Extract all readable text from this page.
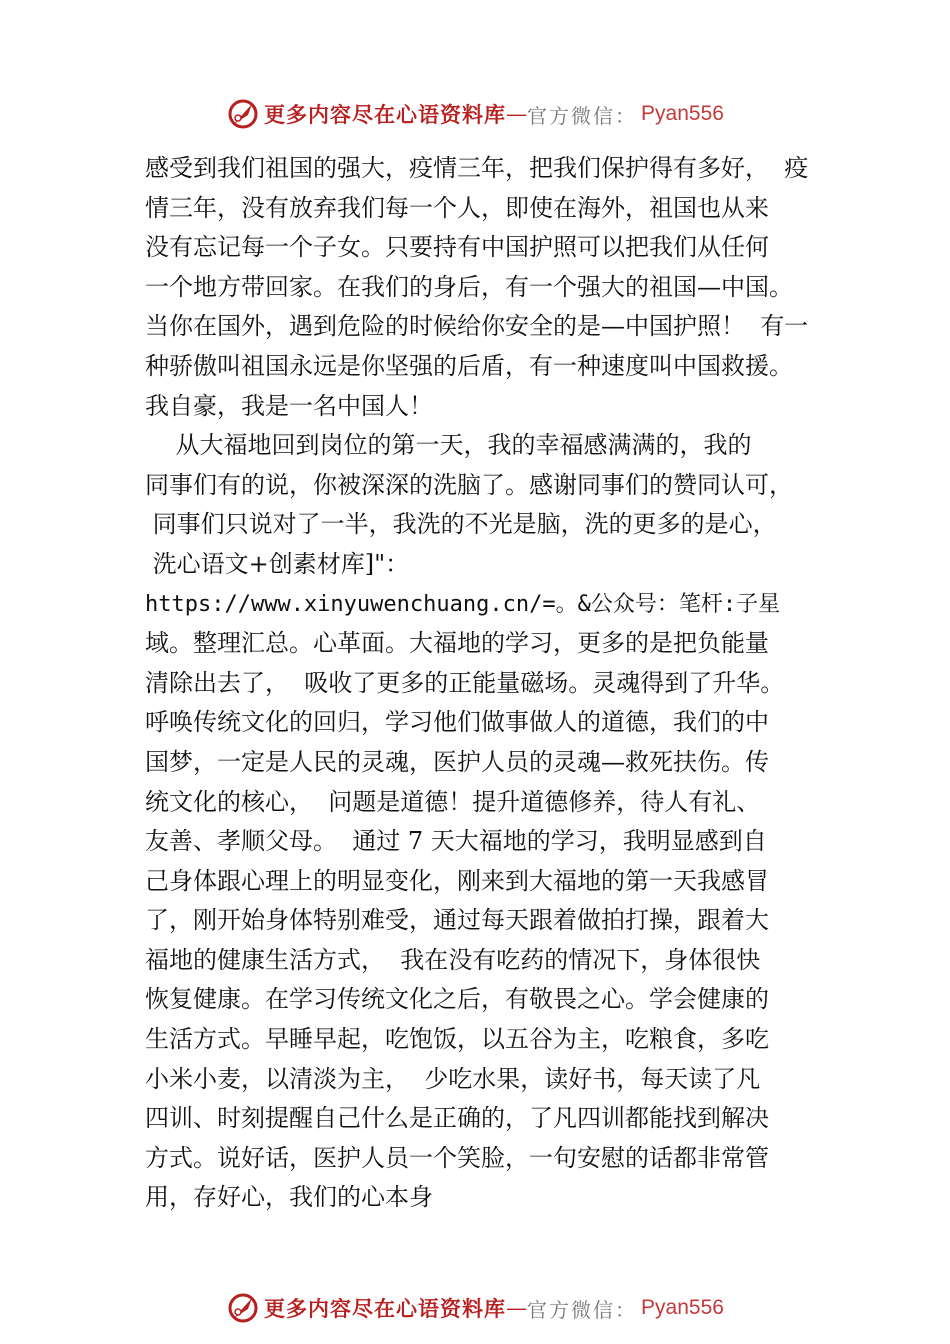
更多内容尽在心语资料库 — 官方微信： Pyan556
感受到我们祖国的强大，疫情三年，把我们保护得有多好，  疫
情三年，没有放弃我们每一个人，即使在海外，祖国也从来
没有忘记每一个子女。只要持有中国护照可以把我们从任何
一个地方带回家。在我们的身后，有一个强大的祖国—中国。
当你在国外，遇到危险的时候给你安全的是—中国护照！  有一
种骄傲叫祖国永远是你坚强的后盾，有一种速度叫中国救援。
我自豪，我是一名中国人！
从大福地回到岗位的第一天，我的幸福感满满的，我的
同事们有的说，你被深深的洗脑了。感谢同事们的赞同认可，
同事们只说对了一半，我洗的不光是脑，洗的更多的是心，
洗心语文+创素材库]"：
https://www.xinyuwenchuang.cn/=。&公众号：笔杆:子星
域。整理汇总。心革面。大福地的学习，更多的是把负能量
清除出去了，  吸收了更多的正能量磁场。灵魂得到了升华。
呼唤传统文化的回归，学习他们做事做人的道德，我们的中
国梦，一定是人民的灵魂，医护人员的灵魂—救死扶伤。传
统文化的核心，  问题是道德！提升道德修养，待人有礼、
友善、孝顺父母。  通过 7 天大福地的学习，我明显感到自
己身体跟心理上的明显变化，刚来到大福地的第一天我感冒
了，刚开始身体特别难受，通过每天跟着做拍打操，跟着大
福地的健康生活方式，  我在没有吃药的情况下，身体很快
恢复健康。在学习传统文化之后，有敬畏之心。学会健康的
生活方式。早睡早起，吃饱饭，以五谷为主，吃粮食，多吃
小米小麦，以清淡为主，  少吃水果，读好书，每天读了凡
四训、时刻提醒自己什么是正确的，了凡四训都能找到解决
方式。说好话，医护人员一个笑脸，一句安慰的话都非常管
用，存好心，我们的心本身
更多内容尽在心语资料库 — 官方微信： Pyan556
